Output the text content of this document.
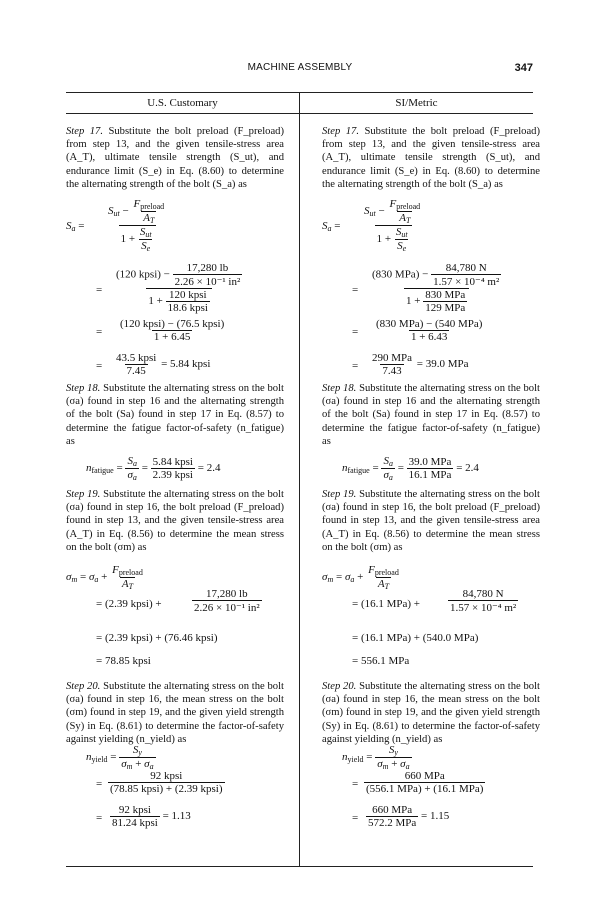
MACHINE ASSEMBLY	347
U.S. Customary	SI/Metric
Step 17. Substitute the bolt preload (F_preload) from step 13, and the given tensile-stress area (A_T), ultimate tensile strength (S_ut), and endurance limit (S_e) in Eq. (8.60) to determine the alternating strength of the bolt (S_a) as
$S_a = \frac{S_{ut} - \frac{F_{preload}}{A_T}}{1 + \frac{S_{ut}}{S_e}}$
= $\frac{(120 kpsi) - \frac{17,280 lb}{\text{2.26 × 10⁻¹ in²}}}{1 + \frac{\text{120 kpsi}}{\text{18.6 kpsi}}}$
= $\frac{\text{(120 kpsi) − (76.5 kpsi)}}{1 + 6.45}$
= $\frac{\text{43.5 kpsi}}{7.45} = 5.84$ kpsi
Step 18. Substitute the alternating stress on the bolt (σa) found in step 16 and the alternating strength of the bolt (Sa) found in step 17 in Eq. (8.57) to determine the fatigue factor-of-safety (n_fatigue) as
$n_{fatigue} = \frac{S_a}{\sigma_a} = \frac{\text{5.84 kpsi}}{\text{2.39 kpsi}} = 2.4$
Step 19. Substitute the alternating stress on the bolt (σa) found in step 16, the bolt preload (F_preload) found in step 13, and the given tensile-stress area (A_T) in Eq. (8.56) to determine the mean stress on the bolt (σm) as
$\sigma_m = \sigma_a + \frac{F_{preload}}{A_T}$
= (2.39 kpsi) +	$\frac{17,280 lb}{\text{2.26 × 10⁻¹ in²}}$
= (2.39 kpsi) + (76.46 kpsi)
= 78.85 kpsi
Step 20. Substitute the alternating stress on the bolt (σa) found in step 16, the mean stress on the bolt (σm) found in step 19, and the given yield strength (Sy) in Eq. (8.61) to determine the factor-of-safety against yielding (n_yield) as
$n_{yield} = \frac{S_y}{\sigma_m + \sigma_a}$
= $\frac{\text{92 kpsi}}{\text{(78.85 kpsi) + (2.39 kpsi)}}$
= $\frac{\text{92 kpsi}}{\text{81.24 kpsi}} = 1.13$
Step 17. Substitute the bolt preload (F_preload) from step 13, and the given tensile-stress area (A_T), ultimate tensile strength (S_ut), and endurance limit (S_e) in Eq. (8.60) to determine the alternating strength of the bolt (S_a) as
$S_a = \frac{S_{ut} - \frac{F_{preload}}{A_T}}{1 + \frac{S_{ut}}{S_e}}$
= $\frac{(830 MPa) - \frac{84,780 N}{\text{1.57 × 10⁻⁴ m²}}}{1 + \frac{\text{830 MPa}}{\text{129 MPa}}}$
= $\frac{\text{(830 MPa) − (540 MPa)}}{1 + 6.43}$
= $\frac{\text{290 MPa}}{7.43} = 39.0$ MPa
Step 18. Substitute the alternating stress on the bolt (σa) found in step 16 and the alternating strength of the bolt (Sa) found in step 17 in Eq. (8.57) to determine the fatigue factor-of-safety (n_fatigue) as
$n_{fatigue} = \frac{S_a}{\sigma_a} = \frac{\text{39.0 MPa}}{\text{16.1 MPa}} = 2.4$
Step 19. Substitute the alternating stress on the bolt (σa) found in step 16, the bolt preload (F_preload) found in step 13, and the given tensile-stress area (A_T) in Eq. (8.56) to determine the mean stress on the bolt (σm) as
$\sigma_m = \sigma_a + \frac{F_{preload}}{A_T}$
= (16.1 MPa) +	$\frac{84,780 N}{\text{1.57 × 10⁻⁴ m²}}$
= (16.1 MPa) + (540.0 MPa)
= 556.1 MPa
Step 20. Substitute the alternating stress on the bolt (σa) found in step 16, the mean stress on the bolt (σm) found in step 19, and the given yield strength (Sy) in Eq. (8.61) to determine the factor-of-safety against yielding (n_yield) as
$n_{yield} = \frac{S_y}{\sigma_m + \sigma_a}$
= $\frac{\text{660 MPa}}{\text{(556.1 MPa) + (16.1 MPa)}}$
= $\frac{\text{660 MPa}}{\text{572.2 MPa}} = 1.15$
